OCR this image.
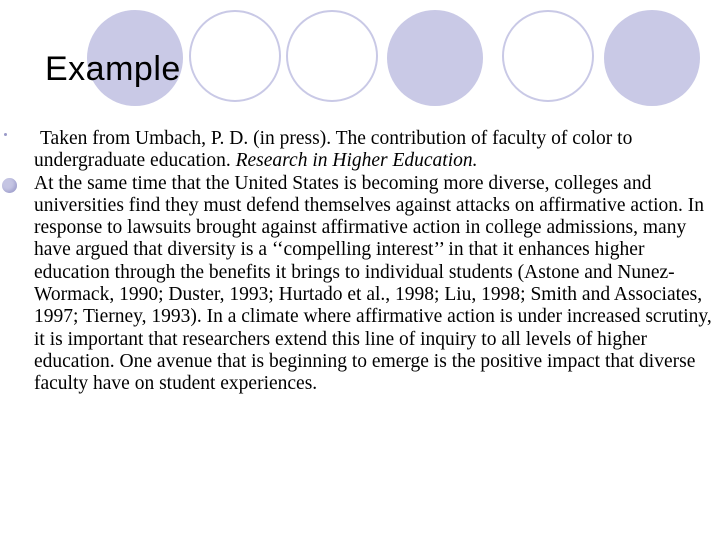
Example
Taken from Umbach, P. D. (in press). The contribution of faculty of color to undergraduate education. Research in Higher Education.
At the same time that the United States is becoming more diverse, colleges and universities find they must defend themselves against attacks on affirmative action. In response to lawsuits brought against affirmative action in college admissions, many have argued that diversity is a ‘‘compelling interest’’ in that it enhances higher education through the benefits it brings to individual students (Astone and Nunez-Wormack, 1990; Duster, 1993; Hurtado et al., 1998; Liu, 1998; Smith and Associates, 1997; Tierney, 1993). In a climate where affirmative action is under increased scrutiny, it is important that researchers extend this line of inquiry to all levels of higher education. One avenue that is beginning to emerge is the positive impact that diverse faculty have on student experiences.
